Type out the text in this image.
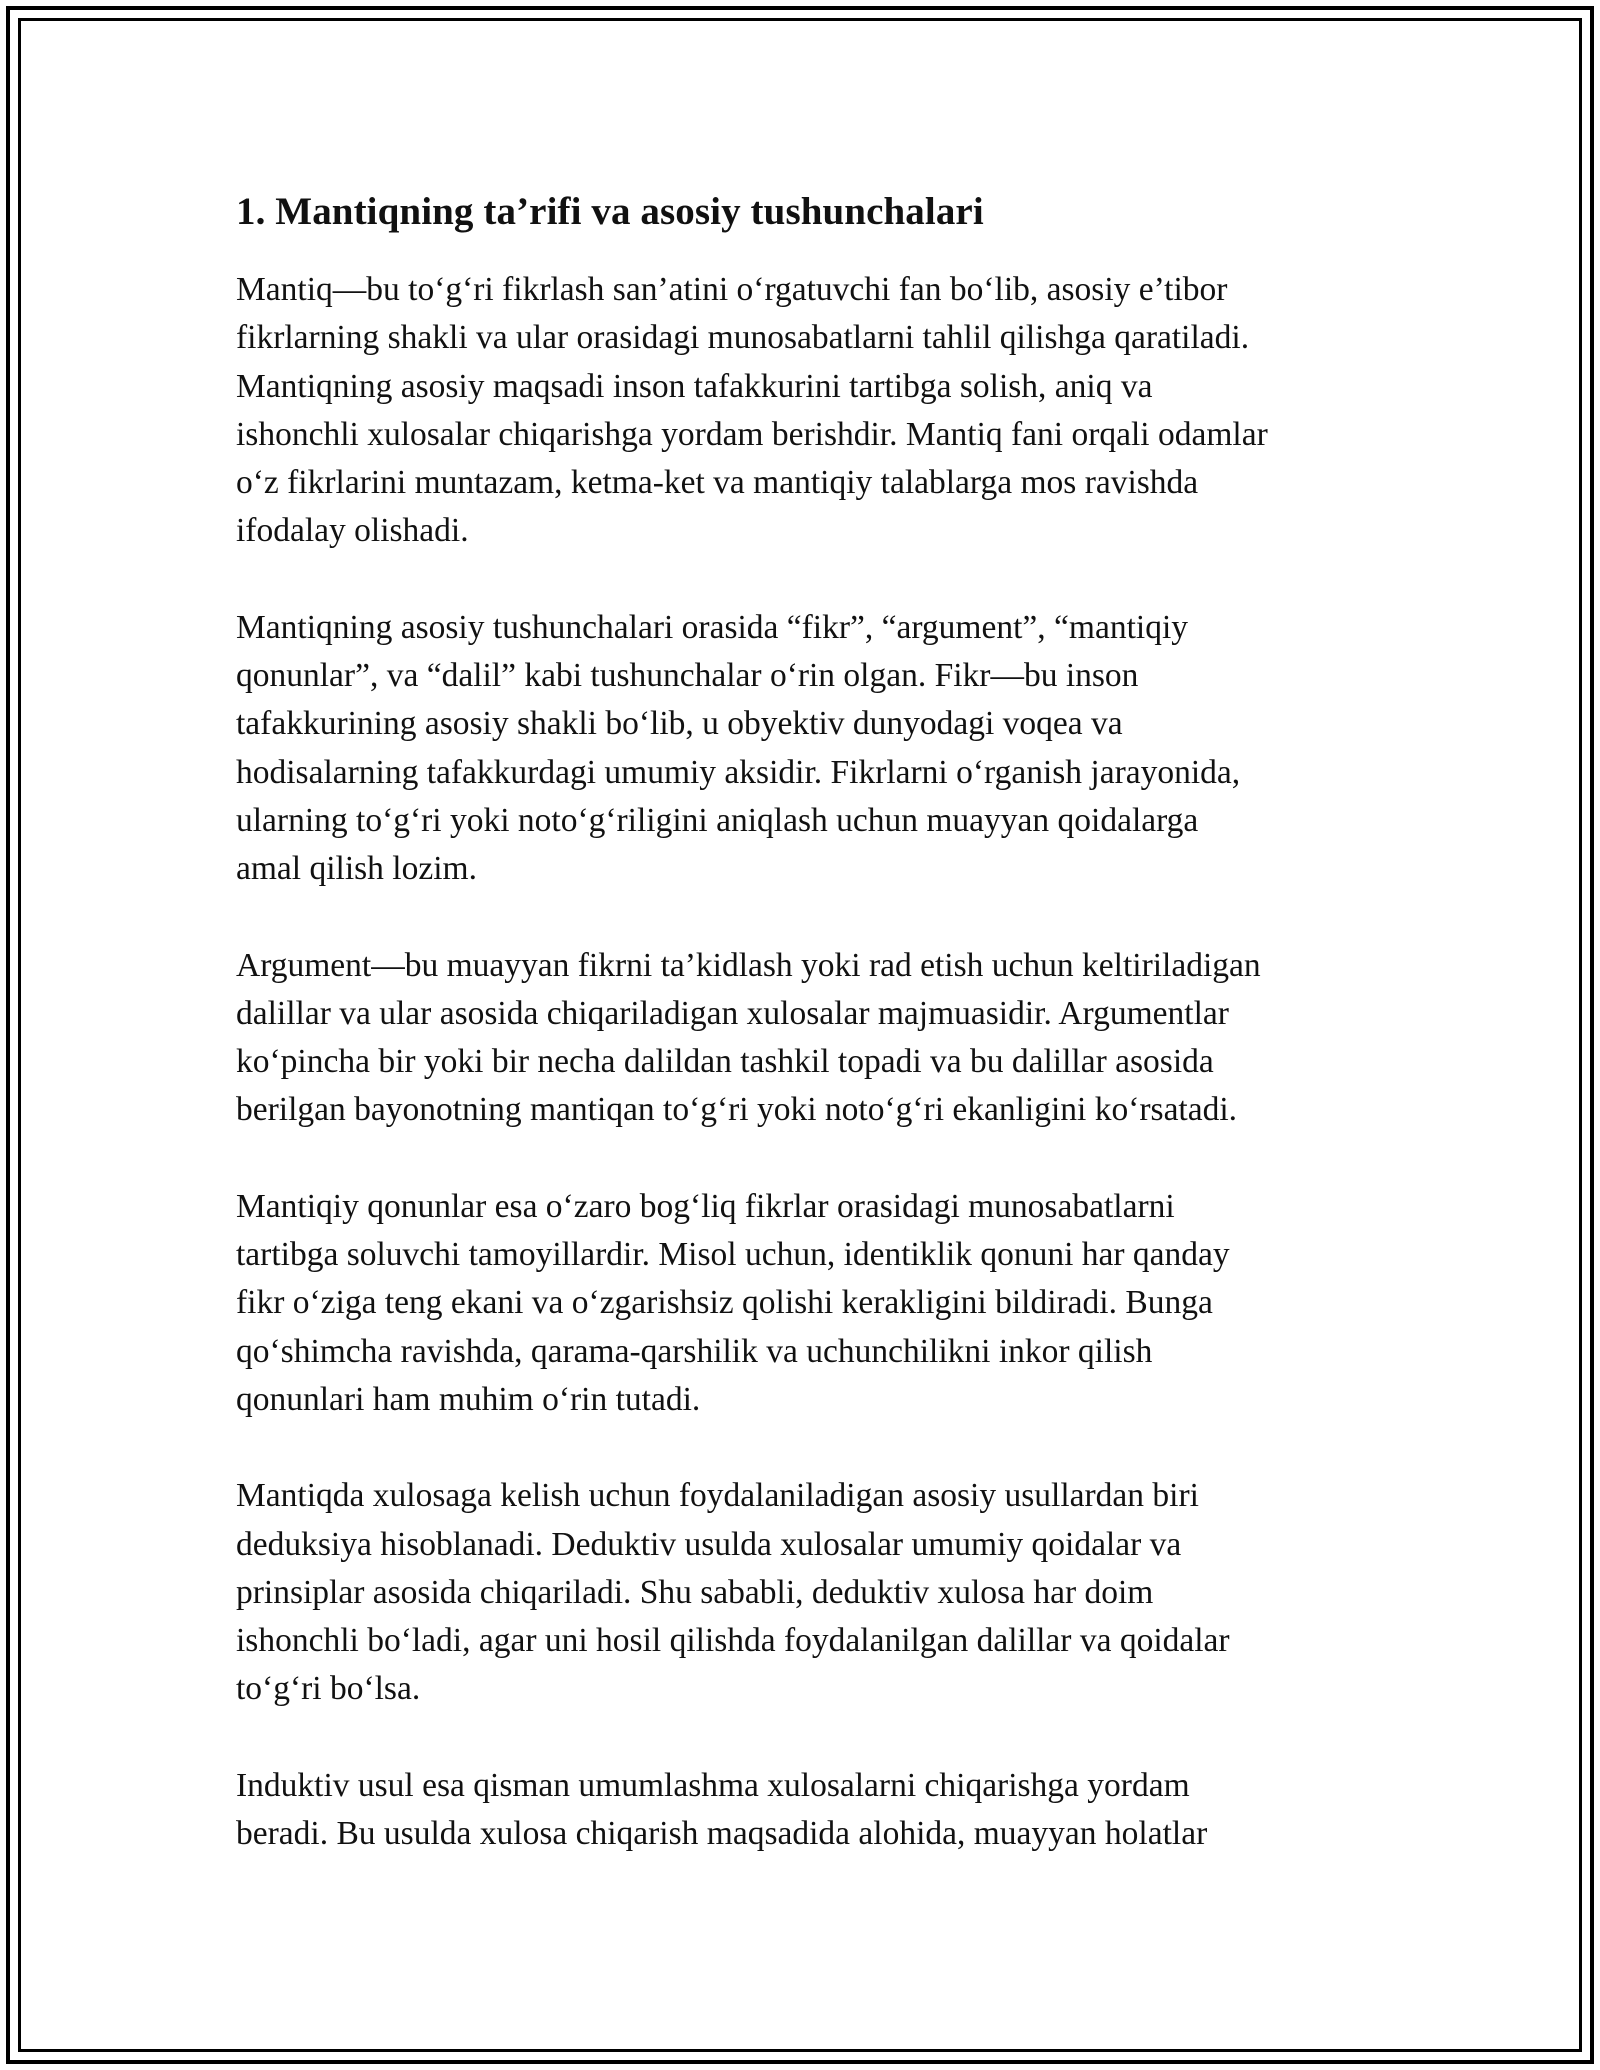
1. Mantiqning ta’rifi va asosiy tushunchalari

Mantiq—bu to‘g‘ri fikrlash san’atini o‘rgatuvchi fan bo‘lib, asosiy e’tibor
fikrlarning shakli va ular orasidagi munosabatlarni tahlil qilishga qaratiladi.
Mantiqning asosiy maqsadi inson tafakkurini tartibga solish, aniq va
ishonchli xulosalar chiqarishga yordam berishdir. Mantiq fani orqali odamlar
o‘z fikrlarini muntazam, ketma-ket va mantiqiy talablarga mos ravishda
ifodalay olishadi.

Mantiqning asosiy tushunchalari orasida “fikr”, “argument”, “mantiqiy
qonunlar”, va “dalil” kabi tushunchalar o‘rin olgan. Fikr—bu inson
tafakkurining asosiy shakli bo‘lib, u obyektiv dunyodagi voqea va
hodisalarning tafakkurdagi umumiy aksidir. Fikrlarni o‘rganish jarayonida,
ularning to‘g‘ri yoki noto‘g‘riligini aniqlash uchun muayyan qoidalarga
amal qilish lozim.

Argument—bu muayyan fikrni ta’kidlash yoki rad etish uchun keltiriladigan
dalillar va ular asosida chiqariladigan xulosalar majmuasidir. Argumentlar
ko‘pincha bir yoki bir necha dalildan tashkil topadi va bu dalillar asosida
berilgan bayonotning mantiqan to‘g‘ri yoki noto‘g‘ri ekanligini ko‘rsatadi.

Mantiqiy qonunlar esa o‘zaro bog‘liq fikrlar orasidagi munosabatlarni
tartibga soluvchi tamoyillardir. Misol uchun, identiklik qonuni har qanday
fikr o‘ziga teng ekani va o‘zgarishsiz qolishi kerakligini bildiradi. Bunga
qo‘shimcha ravishda, qarama-qarshilik va uchunchilikni inkor qilish
qonunlari ham muhim o‘rin tutadi.

Mantiqda xulosaga kelish uchun foydalaniladigan asosiy usullardan biri
deduksiya hisoblanadi. Deduktiv usulda xulosalar umumiy qoidalar va
prinsiplar asosida chiqariladi. Shu sababli, deduktiv xulosa har doim
ishonchli bo‘ladi, agar uni hosil qilishda foydalanilgan dalillar va qoidalar
to‘g‘ri bo‘lsa.

Induktiv usul esa qisman umumlashma xulosalarni chiqarishga yordam
beradi. Bu usulda xulosa chiqarish maqsadida alohida, muayyan holatlar
